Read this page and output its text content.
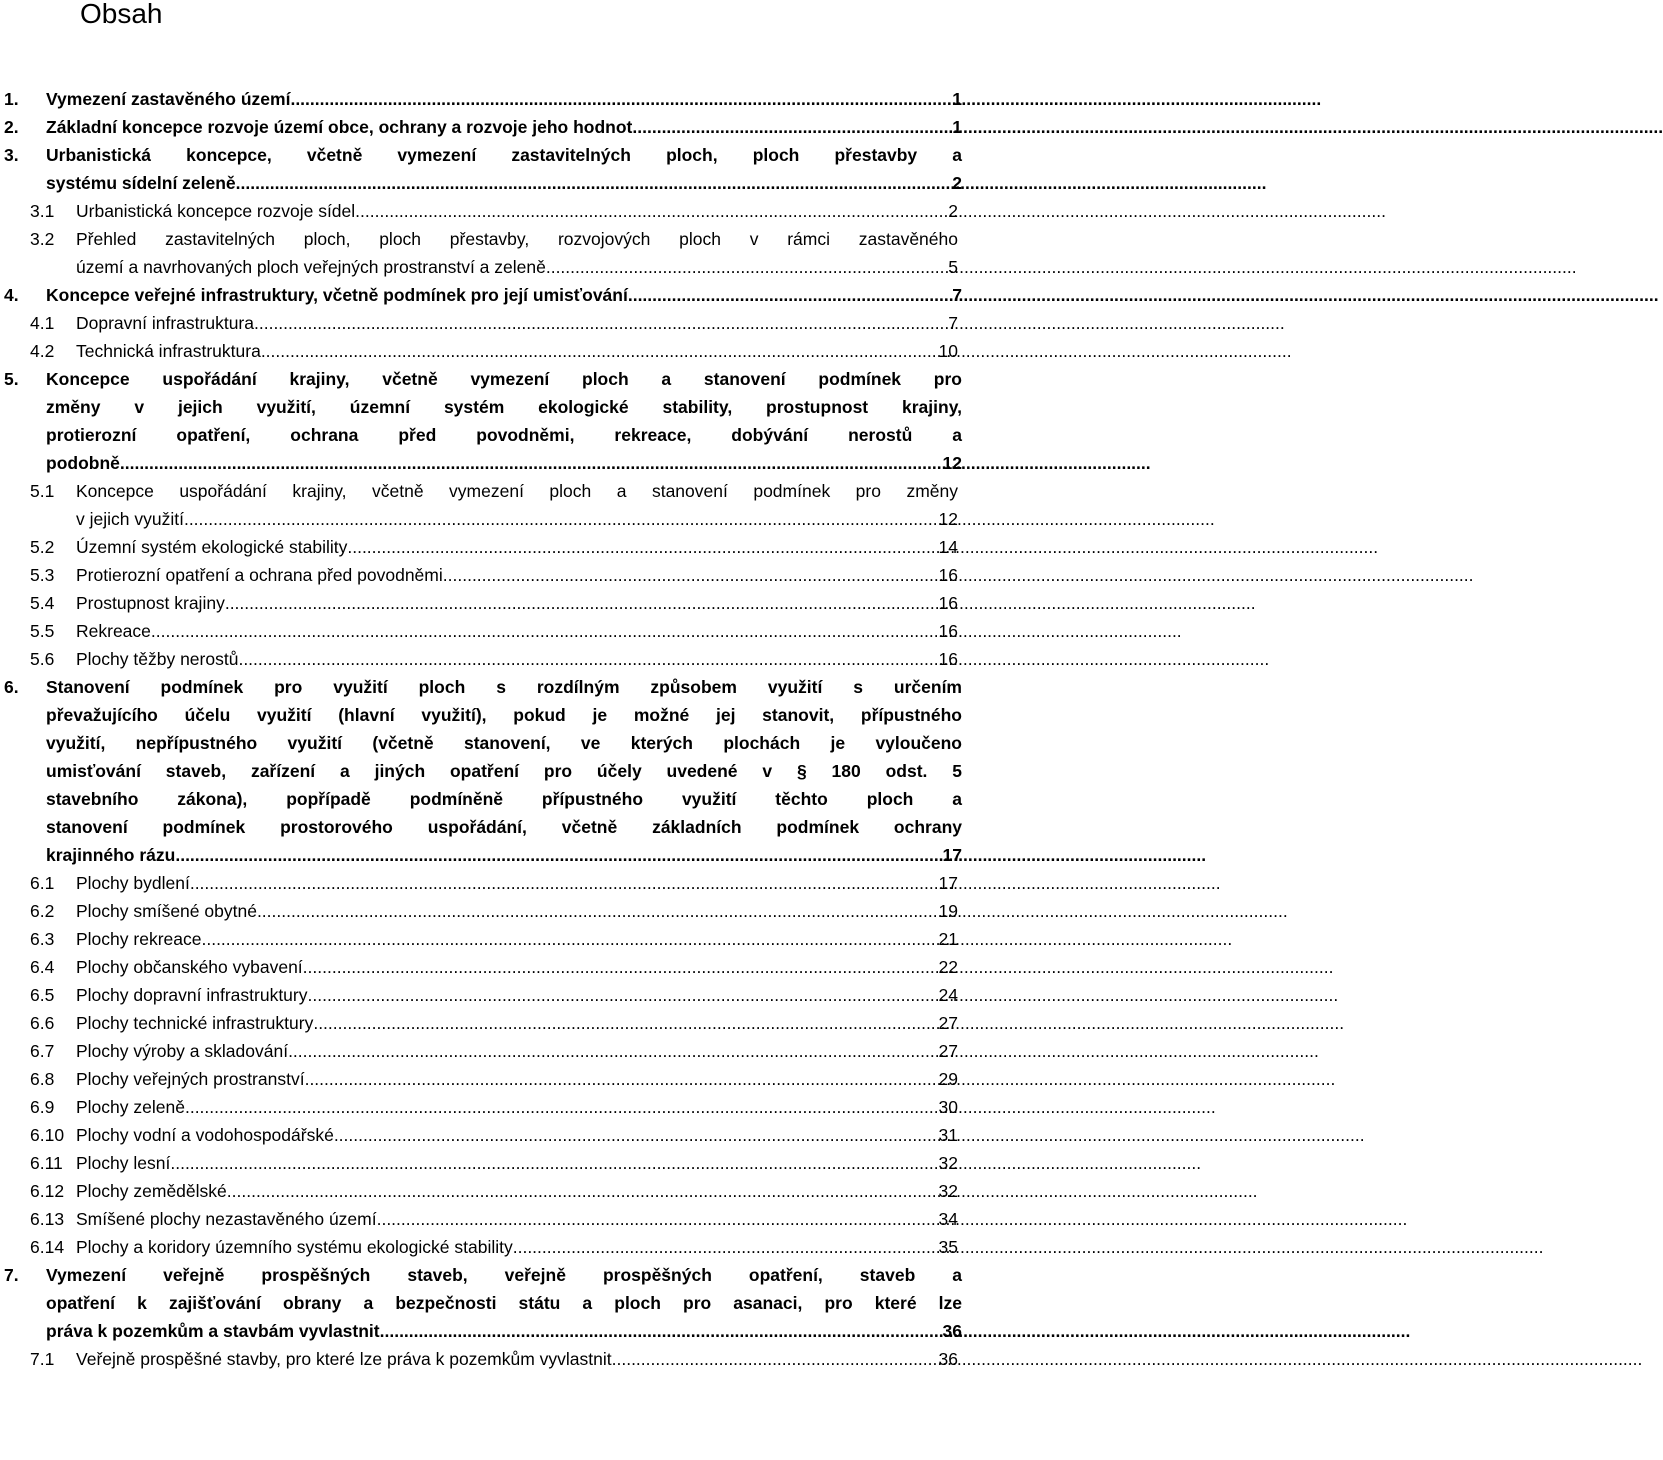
Obsah
1. Vymezení zastavěného území .....	1
2. Základní koncepce rozvoje území obce, ochrany a rozvoje jeho hodnot .....	1
3. Urbanistická koncepce, včetně vymezení zastavitelných ploch, ploch přestavby a
systému sídelní zeleně .....	2
3.1 Urbanistická koncepce rozvoje sídel .....	2
3.2 Přehled zastavitelných ploch, ploch přestavby, rozvojových ploch v rámci zastavěného
území a navrhovaných ploch veřejných prostranství a zeleně .....	5
4. Koncepce veřejné infrastruktury, včetně podmínek pro její umisťování .....	7
4.1 Dopravní infrastruktura .....	7
4.2 Technická infrastruktura .....	10
5. Koncepce uspořádání krajiny, včetně vymezení ploch a stanovení podmínek pro
změny v jejich využití, územní systém ekologické stability, prostupnost krajiny,
protierozní opatření, ochrana před povodněmi, rekreace, dobývání nerostů a
podobně .....	12
5.1 Koncepce uspořádání krajiny, včetně vymezení ploch a stanovení podmínek pro změny
v jejich využití .....	12
5.2 Územní systém ekologické stability .....	14
5.3 Protierozní opatření a ochrana před povodněmi .....	16
5.4 Prostupnost krajiny .....	16
5.5 Rekreace .....	16
5.6 Plochy těžby nerostů .....	16
6. Stanovení podmínek pro využití ploch s rozdílným způsobem využití s určením
převažujícího účelu využití (hlavní využití), pokud je možné jej stanovit, přípustného
využití, nepřípustného využití (včetně stanovení, ve kterých plochách je vyloučeno
umisťování staveb, zařízení a jiných opatření pro účely uvedené v § 180 odst. 5
stavebního zákona), popřípadě podmíněně přípustného využití těchto ploch a
stanovení podmínek prostorového uspořádání, včetně základních podmínek ochrany
krajinného rázu .....	17
6.1 Plochy bydlení .....	17
6.2 Plochy smíšené obytné .....	19
6.3 Plochy rekreace .....	21
6.4 Plochy občanského vybavení .....	22
6.5 Plochy dopravní infrastruktury .....	24
6.6 Plochy technické infrastruktury .....	27
6.7 Plochy výroby a skladování .....	27
6.8 Plochy veřejných prostranství .....	29
6.9 Plochy zeleně .....	30
6.10 Plochy vodní a vodohospodářské .....	31
6.11 Plochy lesní .....	32
6.12 Plochy zemědělské .....	32
6.13 Smíšené plochy nezastavěného území .....	34
6.14 Plochy a koridory územního systému ekologické stability .....	35
7. Vymezení veřejně prospěšných staveb, veřejně prospěšných opatření, staveb a
opatření k zajišťování obrany a bezpečnosti státu a ploch pro asanaci, pro které lze
práva k pozemkům a stavbám vyvlastnit .....	36
7.1 Veřejně prospěšné stavby, pro které lze práva k pozemkům vyvlastnit .....	36
